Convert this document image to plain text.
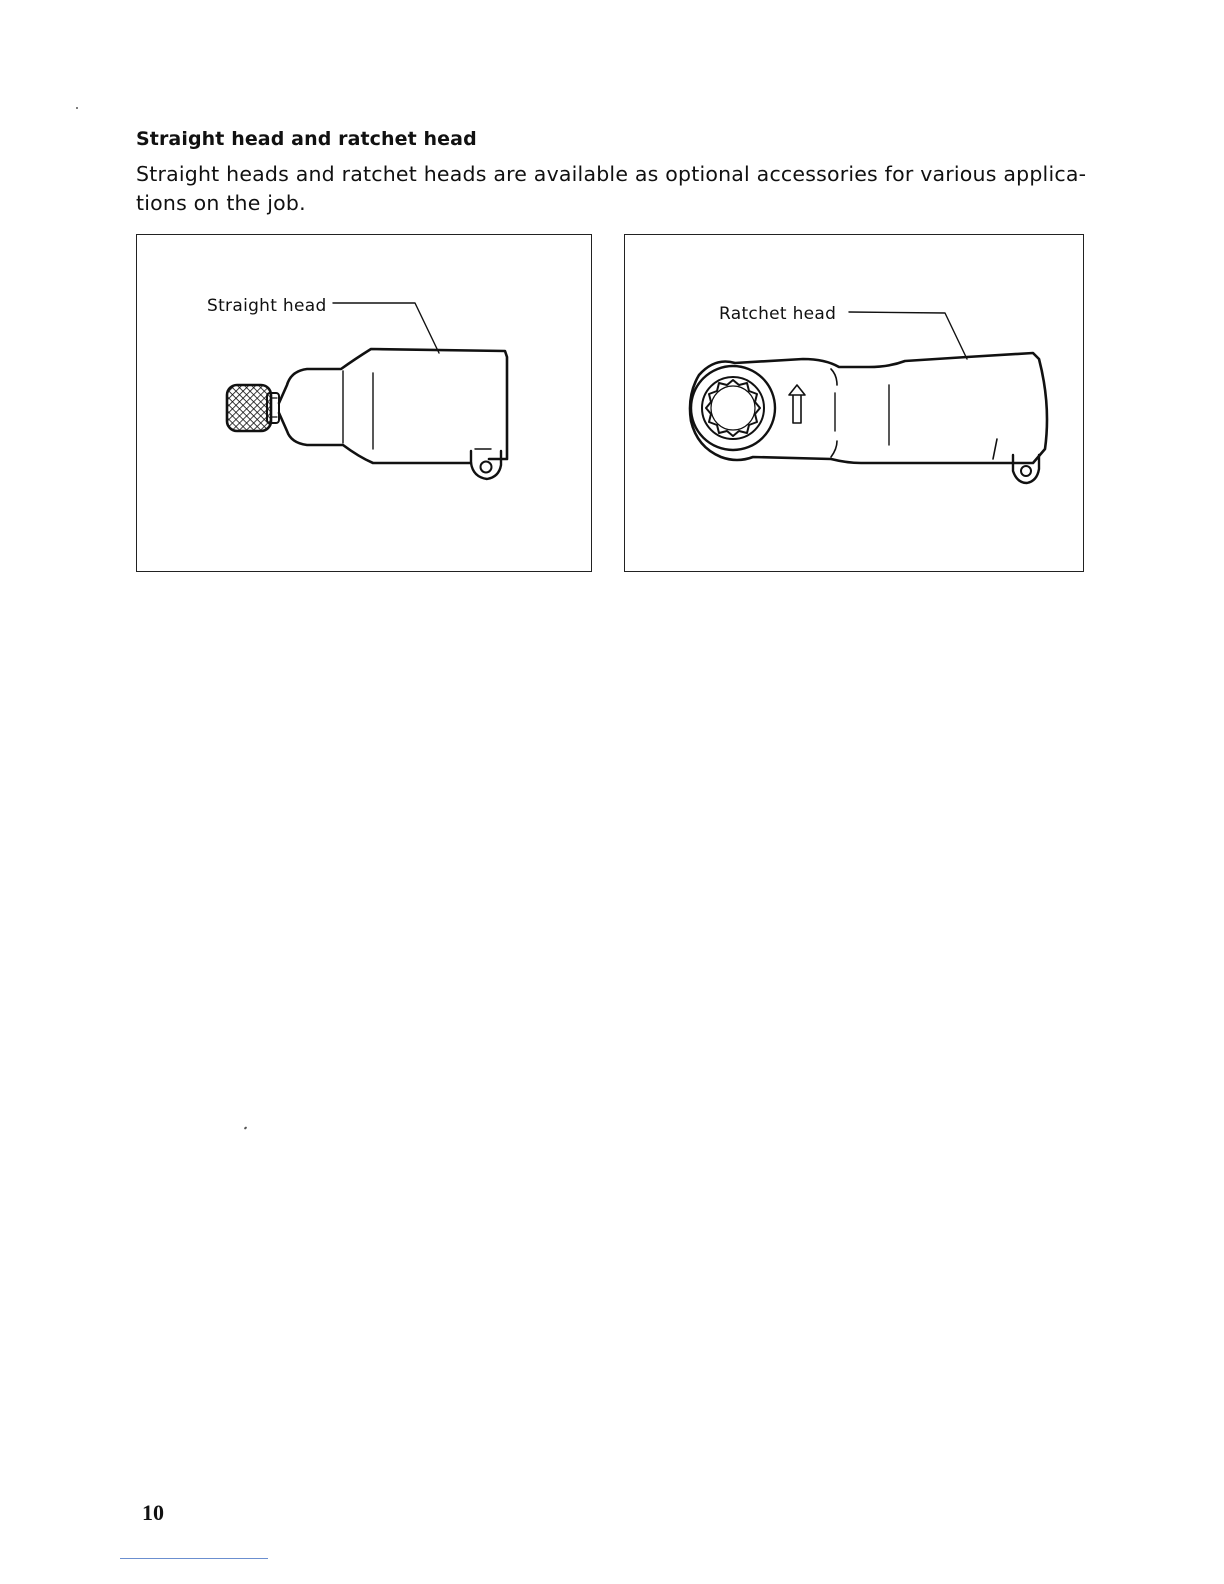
Straight head and ratchet head
Straight heads and ratchet heads are available as optional accessories for various applications on the job.
Straight head	Ratchet head
10
